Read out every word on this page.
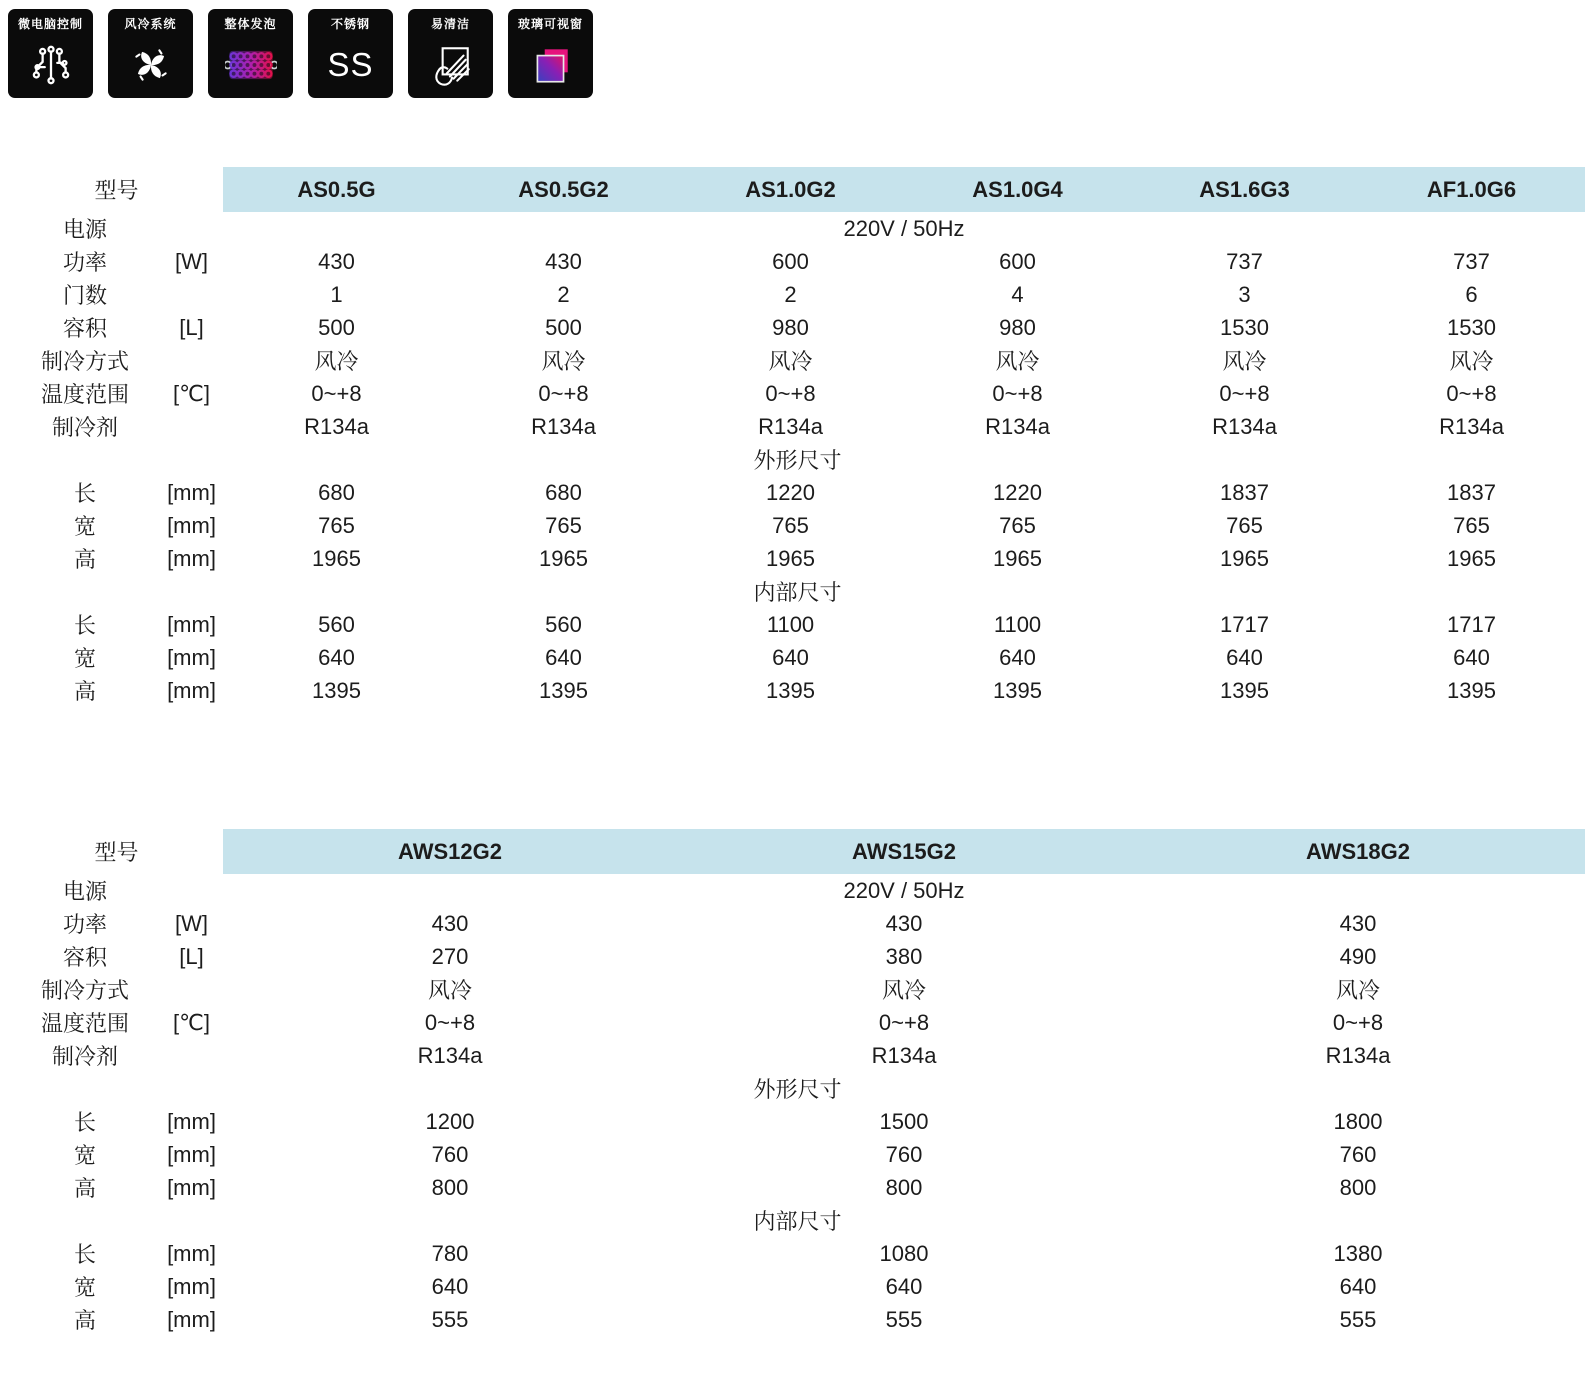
微电脑控制	风冷系统	整体发泡	不锈钢
SS
易清洁	玻璃可视窗
型号		AS0.5G	AS0.5G2	AS1.0G2	AS1.0G4	AS1.6G3	AF1.0G6
电源		220V / 50Hz					
功率	[W]	430	430	600	600	737	737
门数		1	2	2	4	3	6
容积	[L]	500	500	980	980	1530	1530
制冷方式		风冷	风冷	风冷	风冷	风冷	风冷
温度范围	[℃]	0~+8	0~+8	0~+8	0~+8	0~+8	0~+8
制冷剂		R134a	R134a	R134a	R134a	R134a	R134a
外形尺寸							
长	[mm]	680	680	1220	1220	1837	1837
宽	[mm]	765	765	765	765	765	765
高	[mm]	1965	1965	1965	1965	1965	1965
内部尺寸							
长	[mm]	560	560	1100	1100	1717	1717
宽	[mm]	640	640	640	640	640	640
高	[mm]	1395	1395	1395	1395	1395	1395
型号		AWS12G2	AWS15G2	AWS18G2
电源		220V / 50Hz		
功率	[W]	430	430	430
容积	[L]	270	380	490
制冷方式		风冷	风冷	风冷
温度范围	[℃]	0~+8	0~+8	0~+8
制冷剂		R134a	R134a	R134a
外形尺寸				
长	[mm]	1200	1500	1800
宽	[mm]	760	760	760
高	[mm]	800	800	800
内部尺寸				
长	[mm]	780	1080	1380
宽	[mm]	640	640	640
高	[mm]	555	555	555
